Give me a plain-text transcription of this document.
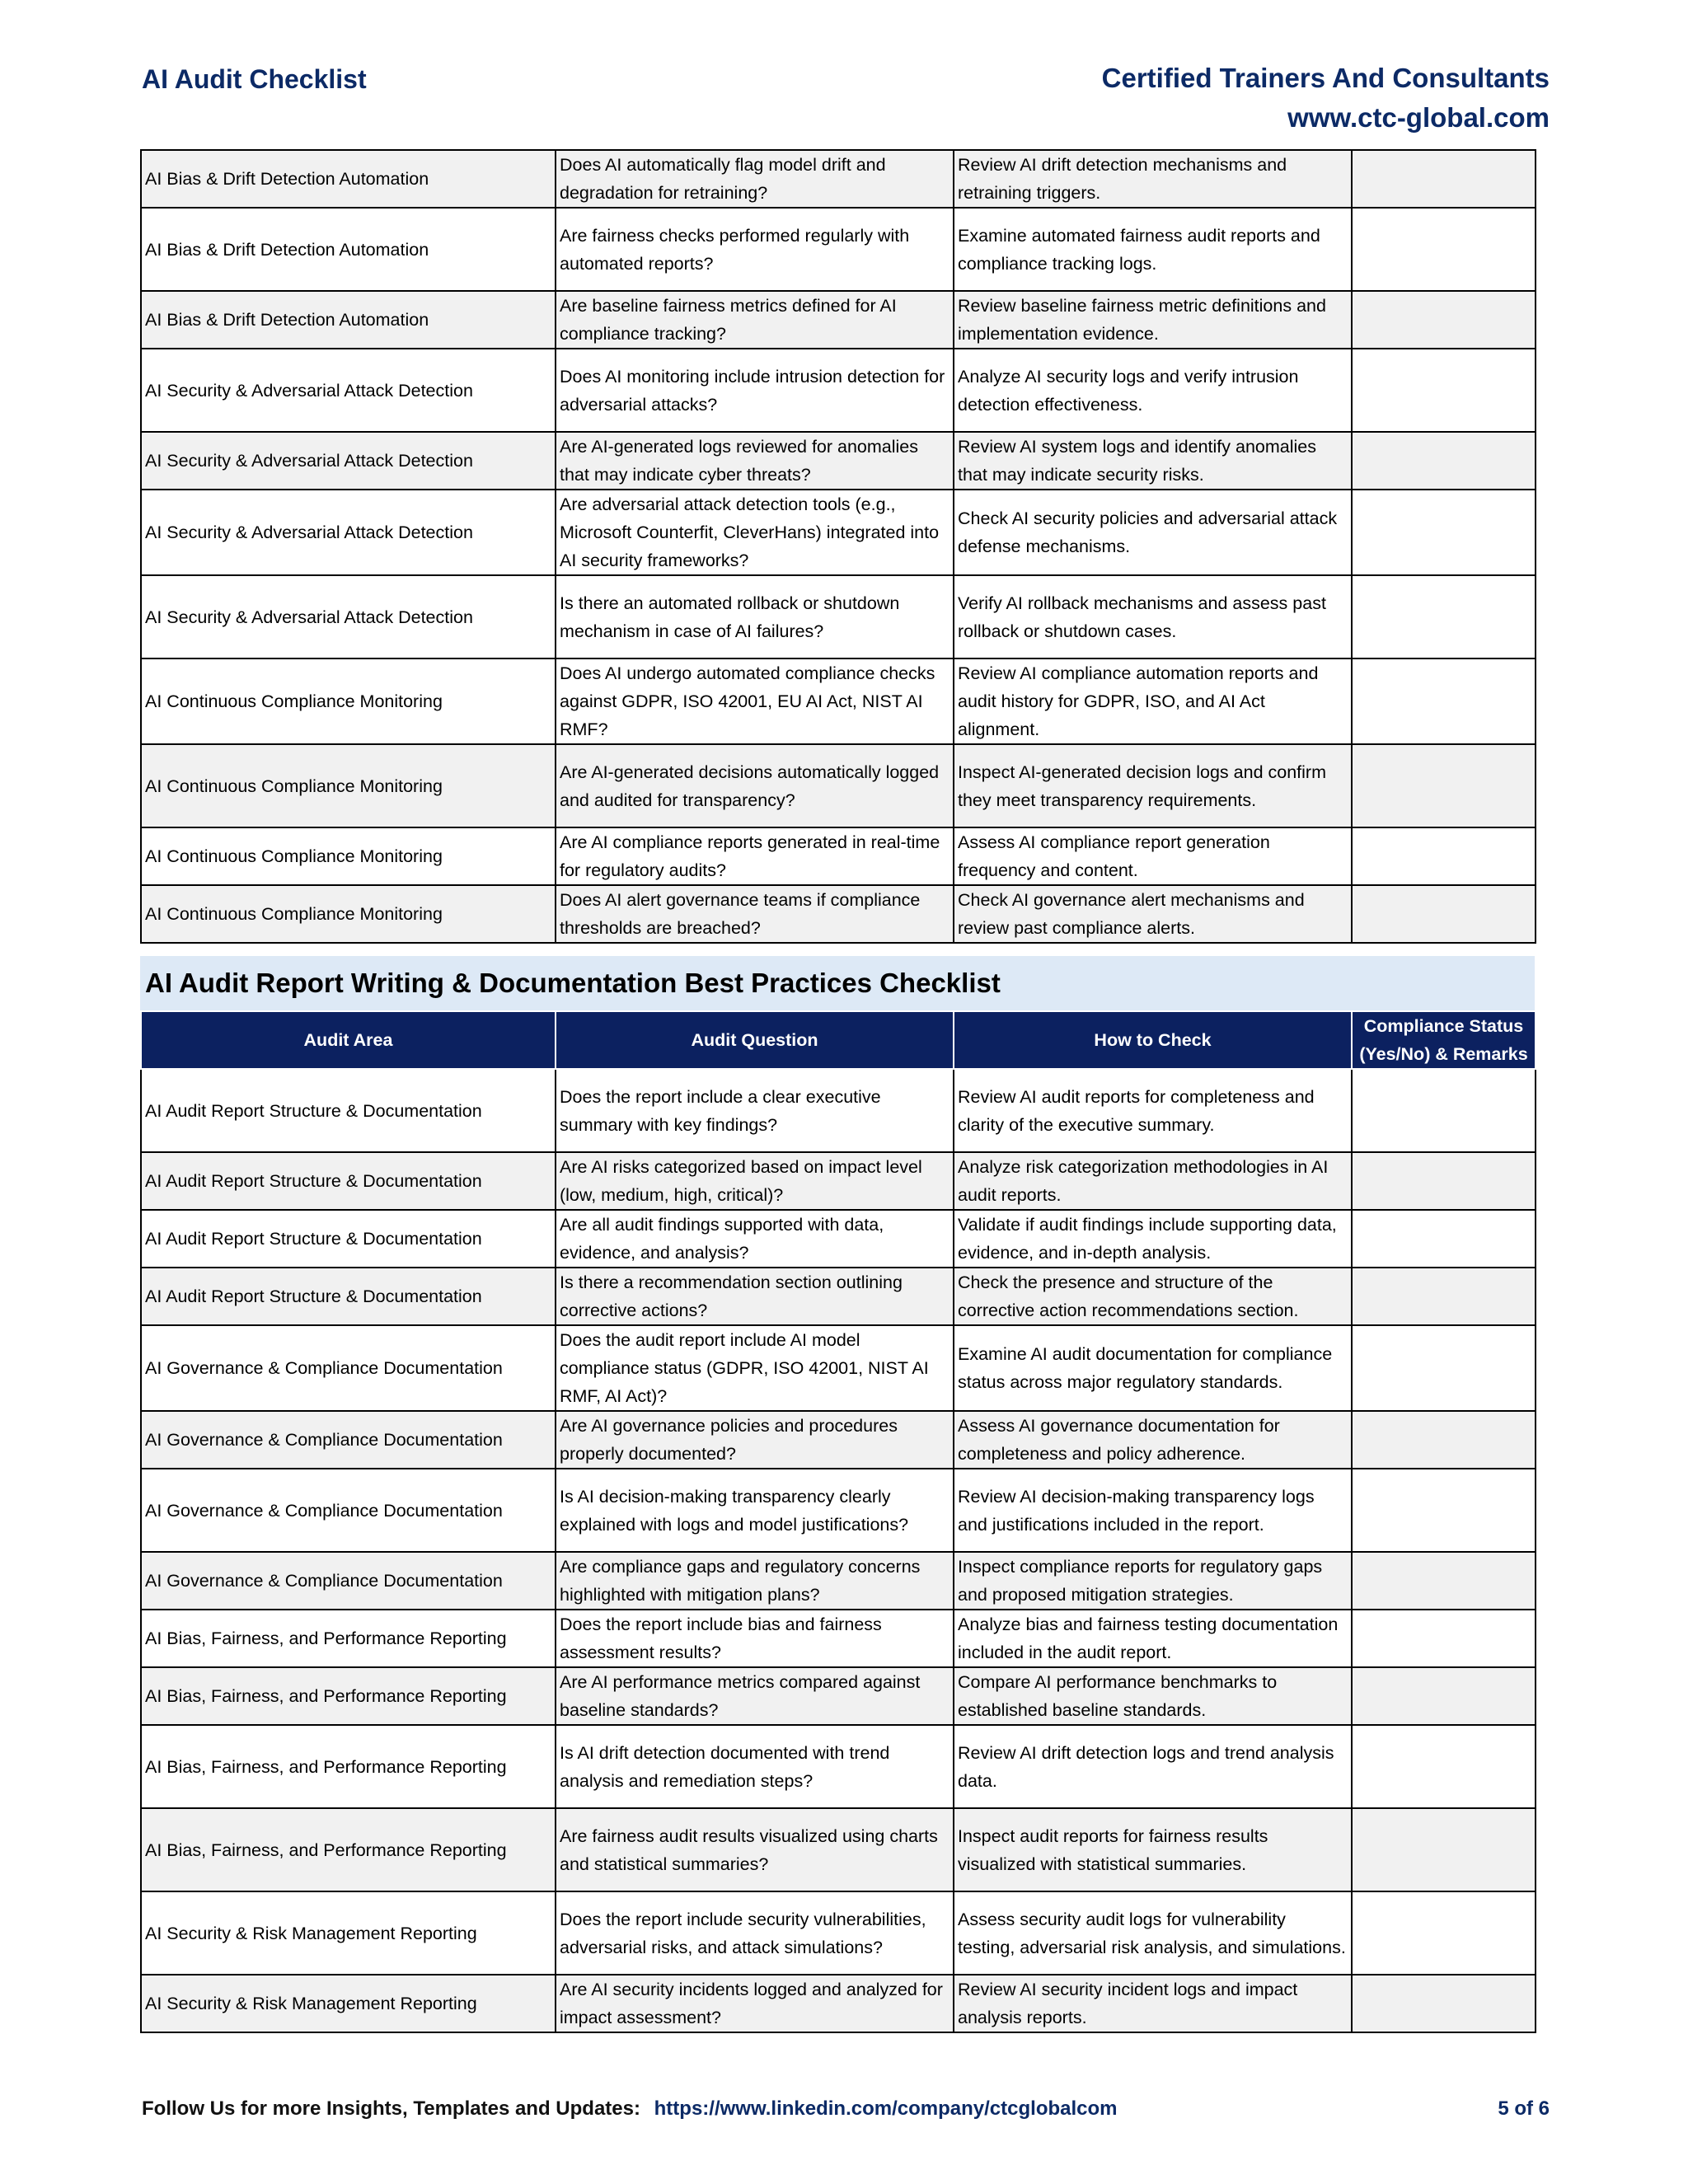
AI Audit Checklist	Certified Trainers And Consultants
www.ctc-global.com
AI Bias & Drift Detection Automation	Does AI automatically flag model drift and degradation for retraining?	Review AI drift detection mechanisms and retraining triggers.	
AI Bias & Drift Detection Automation	Are fairness checks performed regularly with automated reports?	Examine automated fairness audit reports and compliance tracking logs.	
AI Bias & Drift Detection Automation	Are baseline fairness metrics defined for AI compliance tracking?	Review baseline fairness metric definitions and implementation evidence.	
AI Security & Adversarial Attack Detection	Does AI monitoring include intrusion detection for adversarial attacks?	Analyze AI security logs and verify intrusion detection effectiveness.	
AI Security & Adversarial Attack Detection	Are AI-generated logs reviewed for anomalies that may indicate cyber threats?	Review AI system logs and identify anomalies that may indicate security risks.	
AI Security & Adversarial Attack Detection	Are adversarial attack detection tools (e.g., Microsoft Counterfit, CleverHans) integrated into AI security frameworks?	Check AI security policies and adversarial attack defense mechanisms.	
AI Security & Adversarial Attack Detection	Is there an automated rollback or shutdown mechanism in case of AI failures?	Verify AI rollback mechanisms and assess past rollback or shutdown cases.	
AI Continuous Compliance Monitoring	Does AI undergo automated compliance checks against GDPR, ISO 42001, EU AI Act, NIST AI RMF?	Review AI compliance automation reports and audit history for GDPR, ISO, and AI Act alignment.	
AI Continuous Compliance Monitoring	Are AI-generated decisions automatically logged and audited for transparency?	Inspect AI-generated decision logs and confirm they meet transparency requirements.	
AI Continuous Compliance Monitoring	Are AI compliance reports generated in real-time for regulatory audits?	Assess AI compliance report generation frequency and content.	
AI Continuous Compliance Monitoring	Does AI alert governance teams if compliance thresholds are breached?	Check AI governance alert mechanisms and review past compliance alerts.	
AI Audit Report Writing & Documentation Best Practices Checklist
Audit Area	Audit Question	How to Check	Compliance Status (Yes/No) & Remarks
AI Audit Report Structure & Documentation	Does the report include a clear executive summary with key findings?	Review AI audit reports for completeness and clarity of the executive summary.	
AI Audit Report Structure & Documentation	Are AI risks categorized based on impact level (low, medium, high, critical)?	Analyze risk categorization methodologies in AI audit reports.	
AI Audit Report Structure & Documentation	Are all audit findings supported with data, evidence, and analysis?	Validate if audit findings include supporting data, evidence, and in-depth analysis.	
AI Audit Report Structure & Documentation	Is there a recommendation section outlining corrective actions?	Check the presence and structure of the corrective action recommendations section.	
AI Governance & Compliance Documentation	Does the audit report include AI model compliance status (GDPR, ISO 42001, NIST AI RMF, AI Act)?	Examine AI audit documentation for compliance status across major regulatory standards.	
AI Governance & Compliance Documentation	Are AI governance policies and procedures properly documented?	Assess AI governance documentation for completeness and policy adherence.	
AI Governance & Compliance Documentation	Is AI decision-making transparency clearly explained with logs and model justifications?	Review AI decision-making transparency logs and justifications included in the report.	
AI Governance & Compliance Documentation	Are compliance gaps and regulatory concerns highlighted with mitigation plans?	Inspect compliance reports for regulatory gaps and proposed mitigation strategies.	
AI Bias, Fairness, and Performance Reporting	Does the report include bias and fairness assessment results?	Analyze bias and fairness testing documentation included in the audit report.	
AI Bias, Fairness, and Performance Reporting	Are AI performance metrics compared against baseline standards?	Compare AI performance benchmarks to established baseline standards.	
AI Bias, Fairness, and Performance Reporting	Is AI drift detection documented with trend analysis and remediation steps?	Review AI drift detection logs and trend analysis data.	
AI Bias, Fairness, and Performance Reporting	Are fairness audit results visualized using charts and statistical summaries?	Inspect audit reports for fairness results visualized with statistical summaries.	
AI Security & Risk Management Reporting	Does the report include security vulnerabilities, adversarial risks, and attack simulations?	Assess security audit logs for vulnerability testing, adversarial risk analysis, and simulations.	
AI Security & Risk Management Reporting	Are AI security incidents logged and analyzed for impact assessment?	Review AI security incident logs and impact analysis reports.	
Follow Us for more Insights, Templates and Updates: https://www.linkedin.com/company/ctcglobalcom	5 of 6
